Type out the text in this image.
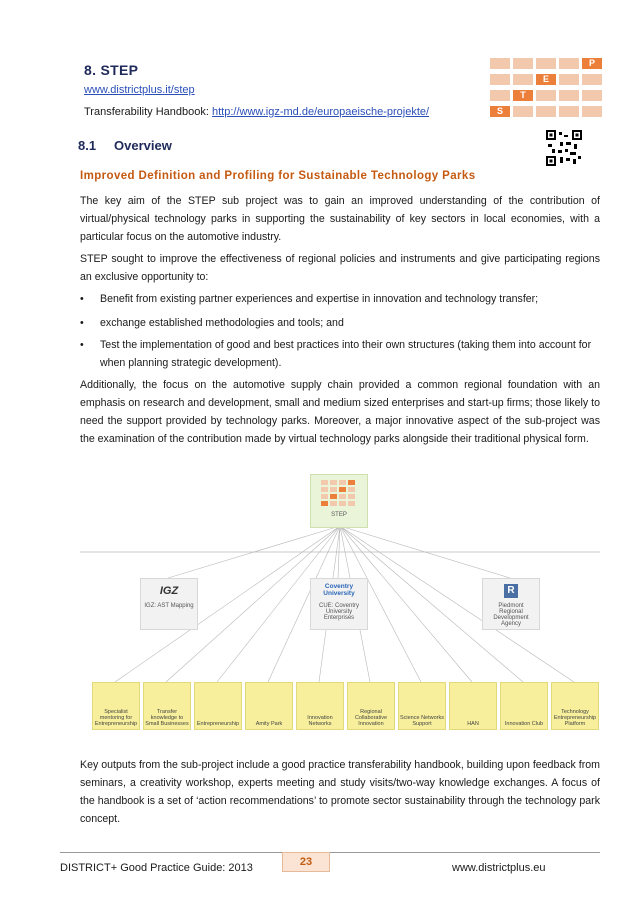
8. STEP
www.districtplus.it/step
Transferability Handbook: http://www.igz-md.de/europaeische-projekte/
P
E
T
S
8.1 Overview
Improved Definition and Profiling for Sustainable Technology Parks
The key aim of the STEP sub project was to gain an improved understanding of the contribution of virtual/physical technology parks in supporting the sustainability of key sectors in local economies, with a particular focus on the automotive industry.
STEP sought to improve the effectiveness of regional policies and instruments and give participating regions an exclusive opportunity to:
• Benefit from existing partner experiences and expertise in innovation and technology transfer;
• exchange established methodologies and tools; and
• Test the implementation of good and best practices into their own structures (taking them into account for when planning strategic development).
Additionally, the focus on the automotive supply chain provided a common regional foundation with an emphasis on research and development, small and medium sized enterprises and start-up firms; those likely to need the support provided by technology parks. Moreover, a major innovative aspect of the sub-project was the examination of the contribution made by virtual technology parks alongside their traditional physical form.
STEP
IGZ
IGZ: AST Mapping
Coventry University
CUE: Coventry University Enterprises
R
Piedmont Regional Development Agency
Specialist mentoring for Entrepreneurship
Transfer knowledge to Small Businesses	Entrepreneurship	Amity Park
Innovation Networks
Regional Collaborative Innovation
Science Networks Support	HAN	Innovation Club
Technology Entrepreneurship Platform
Key outputs from the sub-project include a good practice transferability handbook, building upon feedback from seminars, a creativity workshop, experts meeting and study visits/two-way knowledge exchanges. A focus of the handbook is a set of ‘action recommendations’ to promote sector sustainability through the technology park concept.
DISTRICT+ Good Practice Guide: 2013	23	www.districtplus.eu
